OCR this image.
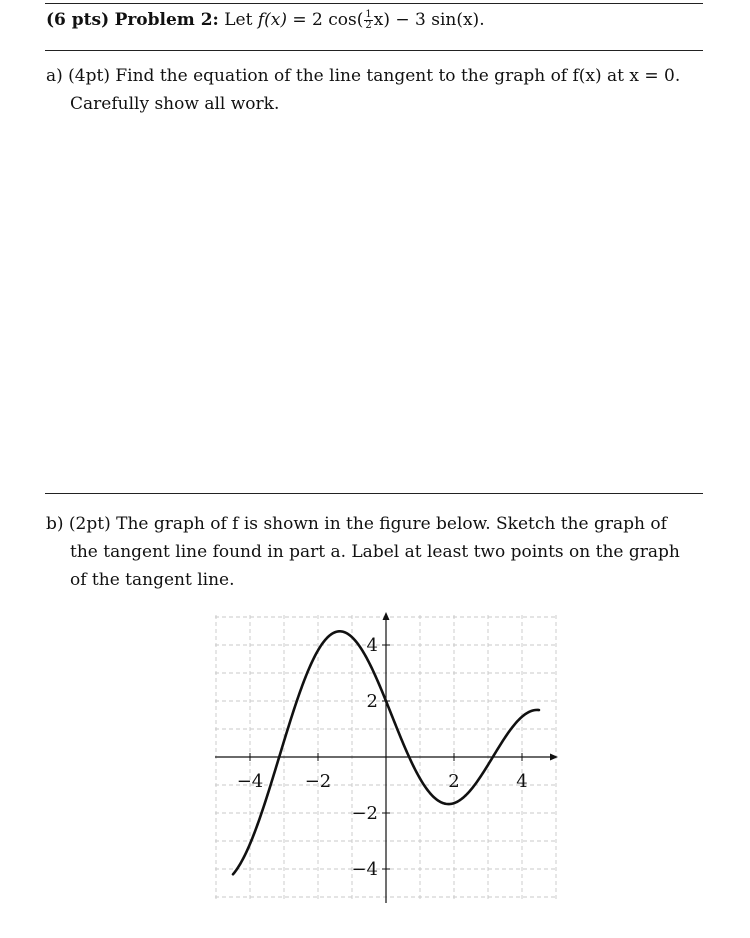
(6 pts) Problem 2: Let f(x) = 2 $\cos( \frac{1}{2} x) - 3$ sin(x).
a) (4pt) Find the equation of the line tangent to the graph of f(x) at x = 0.
Carefully show all work.
b) (2pt) The graph of f is shown in the figure below. Sketch the graph of
the tangent line found in part a. Label at least two points on the graph
of the tangent line.
−4 −2	2	4
−4
−2
2
4
